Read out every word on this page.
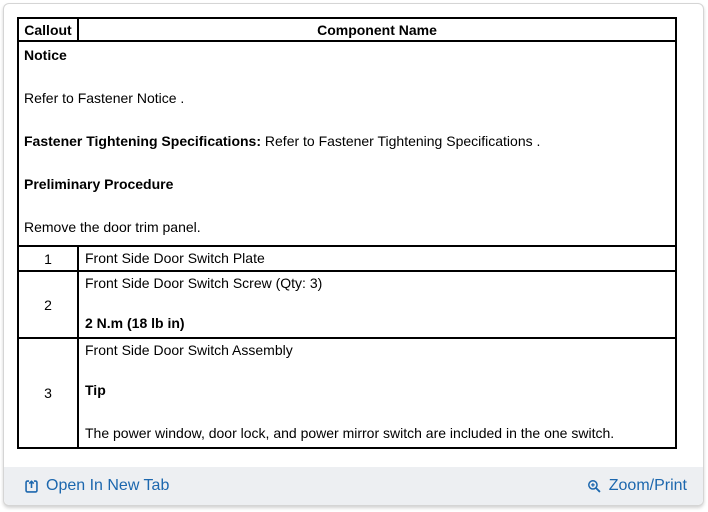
Callout	Component Name

Notice

Refer to Fastener Notice .

Fastener Tightening Specifications: Refer to Fastener Tightening Specifications .

Preliminary Procedure

Remove the door trim panel.	

1	Front Side Door Switch Plate
2	Front Side Door Switch Screw (Qty: 3)

2 N.m (18 lb in)

3	Front Side Door Switch Assembly

Tip

The power window, door lock, and power mirror switch are included in the one switch.

Open In New Tab	Zoom/Print
